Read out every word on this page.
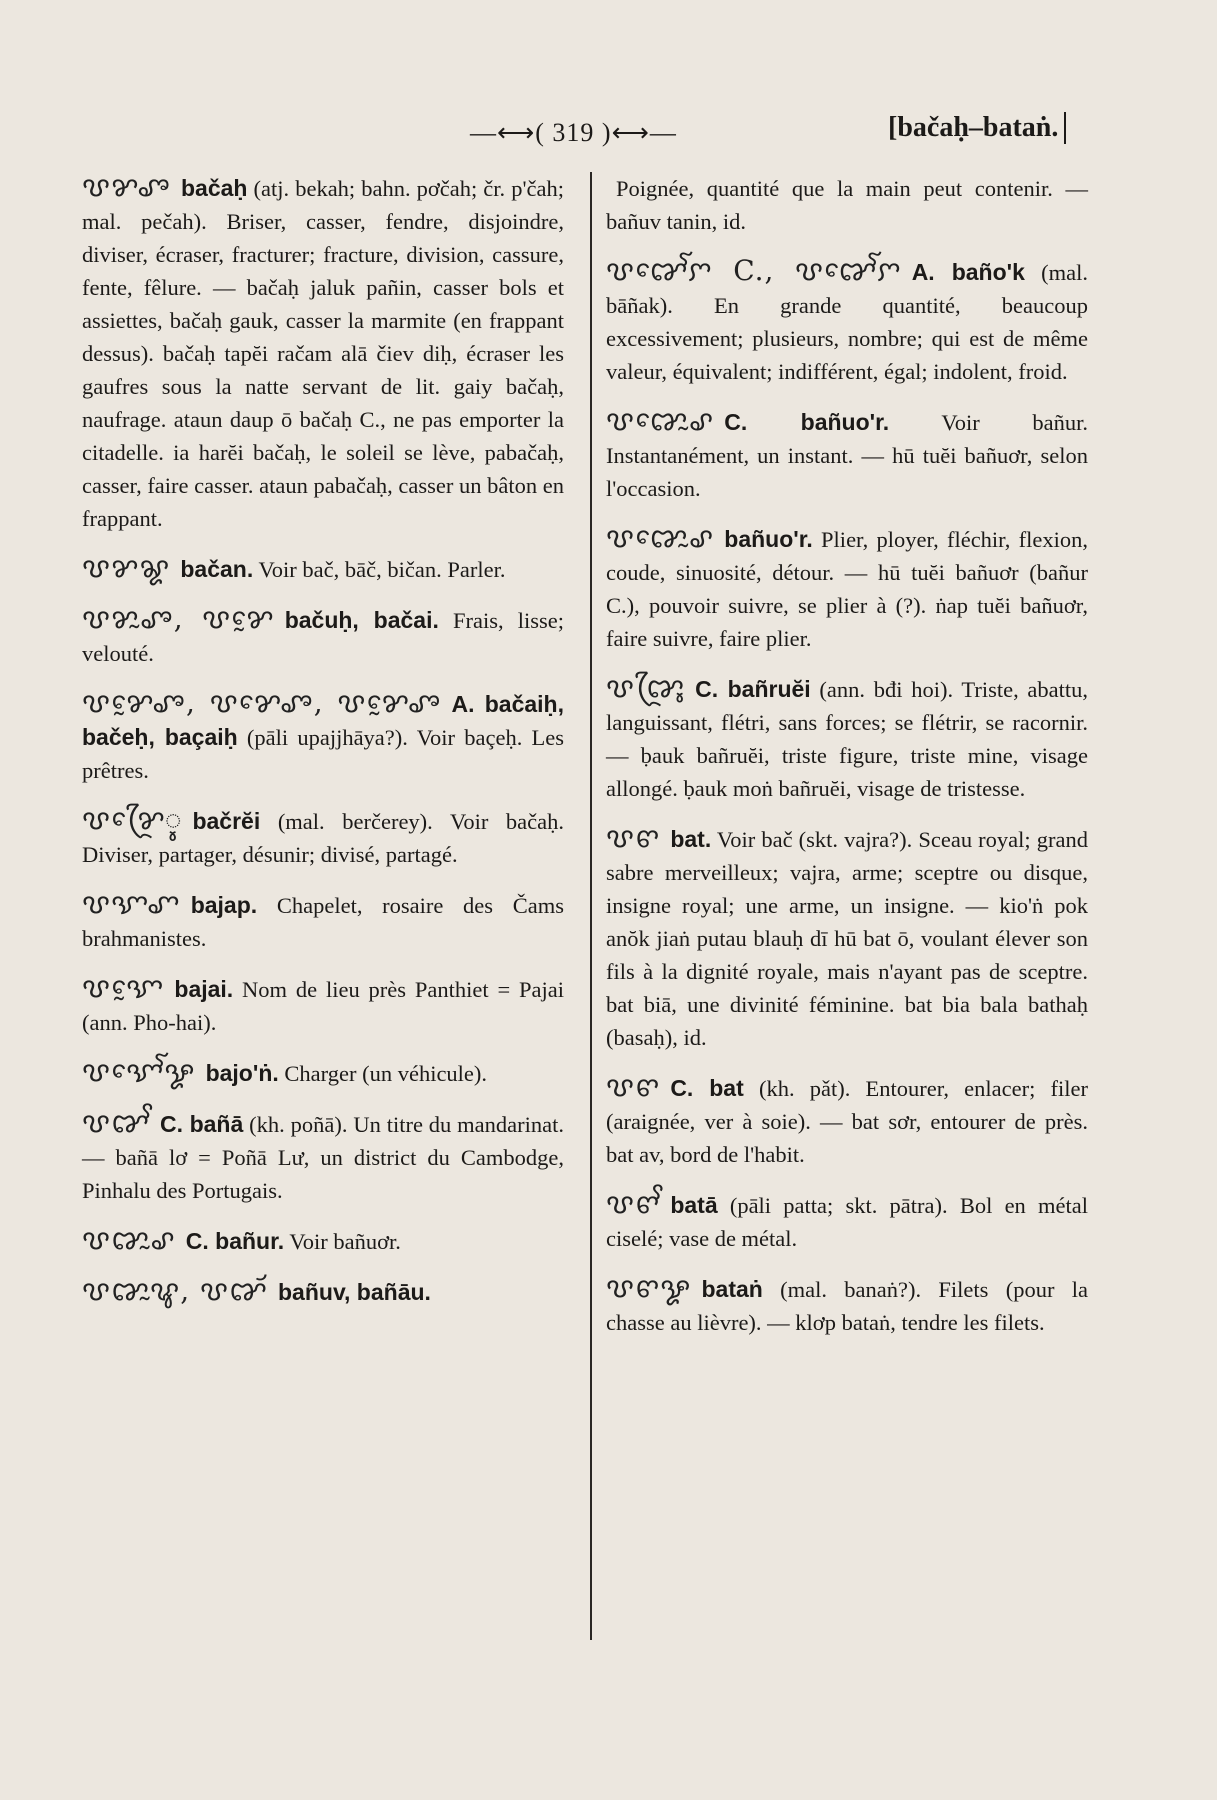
—⟷( 319 )⟷—	[bačaḥ–bataṅ.
ꨝꨌꨨ bačaḥ (atj. bekah; bahn. pơčah; čr. p'čah; mal. pečah). Briser, casser, fendre, disjoindre, diviser, écraser, fracturer; fracture, division, cassure, fente, fêlure. — bačaḥ jaluk pañin, casser bols et assiettes, bačaḥ gauk, casser la marmite (en frappant dessus). bačaḥ tapĕi račam alā čiev diḥ, écraser les gaufres sous la natte servant de lit. gaiy bačaḥ, naufrage. ataun daup ō bačaḥ C., ne pas emporter la citadelle. ia harĕi bačaḥ, le soleil se lève, pabačaḥ, casser, faire casser. ataun pabačaḥ, casser un bâton en frappant.
ꨝꨌꨘ bačan. Voir bač, bāč, bičan. Parler.
ꨝꨌꨭꨨ, ꨝꨌꨰ bačuḥ, bačai. Frais, lisse; velouté.
ꨝꨌꨰꨨ, ꨝꨌꨯꨨ, ꨝꨌꨰꨨ A. bačaiḥ, bačeḥ, baçaiḥ (pāli upajjhāya?). Voir baçeḥ. Les prêtres.
ꨝꨌꨴꨯꨶ bačrĕi (mal. berčerey). Voir bačaḥ. Diviser, partager, désunir; divisé, partagé.
ꨝꨎꨚ bajap. Chapelet, rosaire des Čams brahmanistes.
ꨝꨎꨰ bajai. Nom de lieu près Panthiet = Pajai (ann. Pho-hai).
ꨝꨎꨯꨱꨋ bajo'ṅ. Charger (un véhicule).
ꨝꨐꨩ C. bañā (kh. poñā). Un titre du mandarinat. — bañā lơ = Poñā Lư, un district du Cambodge, Pinhalu des Portugais.
ꨝꨐꨭꨣ C. bañur. Voir bañuơr.
ꨝꨐꨭꨥ, ꨝꨐꨮ bañuv, bañāu.
Poignée, quantité que la main peut contenir. — bañuv tanin, id.
ꨝꨐꨯꨱꨆ C., ꨝꨐꨯꨱꨆ A. baño'k (mal. bāñak). En grande quantité, beaucoup excessivement; plusieurs, nombre; qui est de même valeur, équivalent; indifférent, égal; indolent, froid.
ꨝꨐꨯꨭꨣ C. bañuo'r. Voir bañur. Instantanément, un instant. — hū tuĕi bañuơr, selon l'occasion.
ꨝꨐꨯꨭꨣ bañuo'r. Plier, ployer, fléchir, flexion, coude, sinuosité, détour. — hū tuĕi bañuơr (bañur C.), pouvoir suivre, se plier à (?). ṅap tuĕi bañuơr, faire suivre, faire plier.
ꨝꨐꨴꨶ C. bañruĕi (ann. bđi hoi). Triste, abattu, languissant, flétri, sans forces; se flétrir, se racornir. — ḅauk bañruĕi, triste figure, triste mine, visage allongé. ḅauk moṅ bañruĕi, visage de tristesse.
ꨝꨓ bat. Voir bač (skt. vajra?). Sceau royal; grand sabre merveilleux; vajra, arme; sceptre ou disque, insigne royal; une arme, un insigne. — kio'ṅ pok anŏk jiaṅ putau blauḥ dī hū bat ō, voulant élever son fils à la dignité royale, mais n'ayant pas de sceptre. bat biā, une divinité féminine. bat bia bala bathaḥ (basaḥ), id.
ꨝꨓ C. bat (kh. pǎt). Entourer, enlacer; filer (araignée, ver à soie). — bat sơr, entourer de près. bat av, bord de l'habit.
ꨝꨓꨩ batā (pāli patta; skt. pātra). Bol en métal ciselé; vase de métal.
ꨝꨓꨋ bataṅ (mal. banaṅ?). Filets (pour la chasse au lièvre). — klơp bataṅ, tendre les filets.
